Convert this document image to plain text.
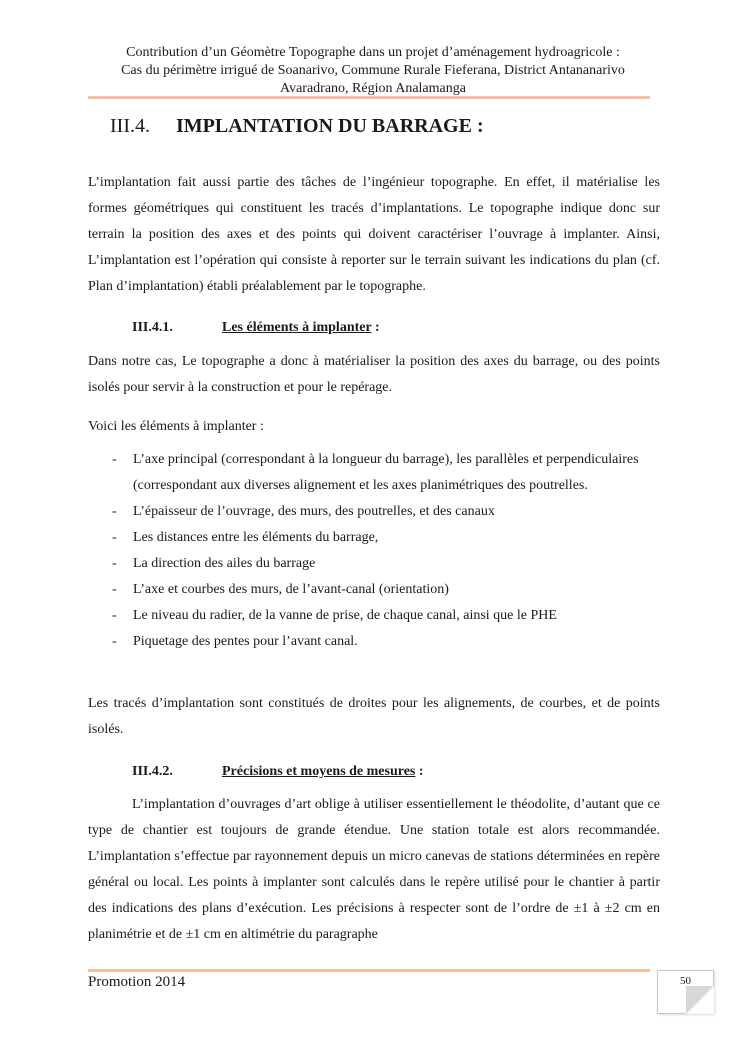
Contribution d’un Géomètre Topographe dans un projet d’aménagement hydroagricole :
Cas du périmètre irrigué de Soanarivo, Commune Rurale Fieferana, District Antananarivo
Avaradrano, Région Analamanga
III.4. IMPLANTATION DU BARRAGE :
L’implantation fait aussi partie des tâches de l’ingénieur topographe. En effet, il matérialise les formes géométriques qui constituent les tracés d’implantations. Le topographe indique donc sur terrain la position des axes et des points qui doivent caractériser l’ouvrage à implanter. Ainsi, L’implantation est l’opération qui consiste à reporter sur le terrain suivant les indications du plan (cf. Plan d’implantation) établi préalablement par le topographe.
III.4.1.	Les éléments à implanter :
Dans notre cas, Le topographe a donc à matérialiser la position des axes du barrage, ou des points isolés pour servir à la construction et pour le repérage.
Voici les éléments à implanter :
- L’axe principal (correspondant à la longueur du barrage), les parallèles et perpendiculaires (correspondant aux diverses alignement et les axes planimétriques des poutrelles.
- L’épaisseur de l’ouvrage, des murs, des poutrelles, et des canaux
- Les distances entre les éléments du barrage,
- La direction des ailes du barrage
- L’axe et courbes des murs, de l’avant-canal (orientation)
- Le niveau du radier, de la vanne de prise, de chaque canal, ainsi que le PHE
- Piquetage des pentes pour l’avant canal.
Les tracés d’implantation sont constitués de droites pour les alignements, de courbes, et de points isolés.
III.4.2.	Précisions et moyens de mesures :
L’implantation d’ouvrages d’art oblige à utiliser essentiellement le théodolite, d’autant que ce type de chantier est toujours de grande étendue. Une station totale est alors recommandée. L’implantation s’effectue par rayonnement depuis un micro canevas de stations déterminées en repère général ou local. Les points à implanter sont calculés dans le repère utilisé pour le chantier à partir des indications des plans d’exécution. Les précisions à respecter sont de l’ordre de ±1 à ±2 cm en planimétrie et de ±1 cm en altimétrie du paragraphe
Promotion 2014	50
